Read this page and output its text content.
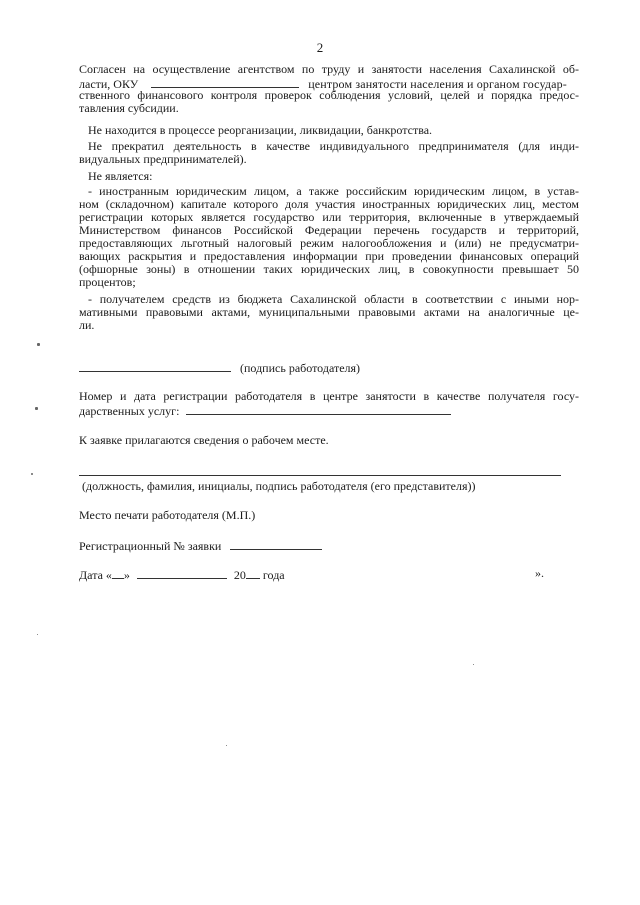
2
Согласен на осуществление агентством по труду и занятости населения Сахалинской об-
ласти, ОКУ	центром занятости населения и органом государ-
ственного финансового контроля проверок соблюдения условий, целей и порядка предос-
тавления субсидии.
Не находится в процессе реорганизации, ликвидации, банкротства.
Не прекратил деятельность в качестве индивидуального предпринимателя (для инди-
видуальных предпринимателей).
Не является:
- иностранным юридическим лицом, а также российским юридическим лицом, в устав-
ном (складочном) капитале которого доля участия иностранных юридических лиц, местом
регистрации которых является государство или территория, включенные в утверждаемый
Министерством финансов Российской Федерации перечень государств и территорий,
предоставляющих льготный налоговый режим налогообложения и (или) не предусматри-
вающих раскрытия и предоставления информации при проведении финансовых операций
(офшорные зоны) в отношении таких юридических лиц, в совокупности превышает 50
процентов;
- получателем средств из бюджета Сахалинской области в соответствии с иными нор-
мативными правовыми актами, муниципальными правовыми актами на аналогичные це-
ли.
(подпись работодателя)
Номер и дата регистрации работодателя в центре занятости в качестве получателя госу-
дарственных услуг:
К заявке прилагаются сведения о рабочем месте.
(должность, фамилия, инициалы, подпись работодателя (его представителя))
Место печати работодателя (М.П.)
Регистрационный № заявки
Дата « »	20 года	».
